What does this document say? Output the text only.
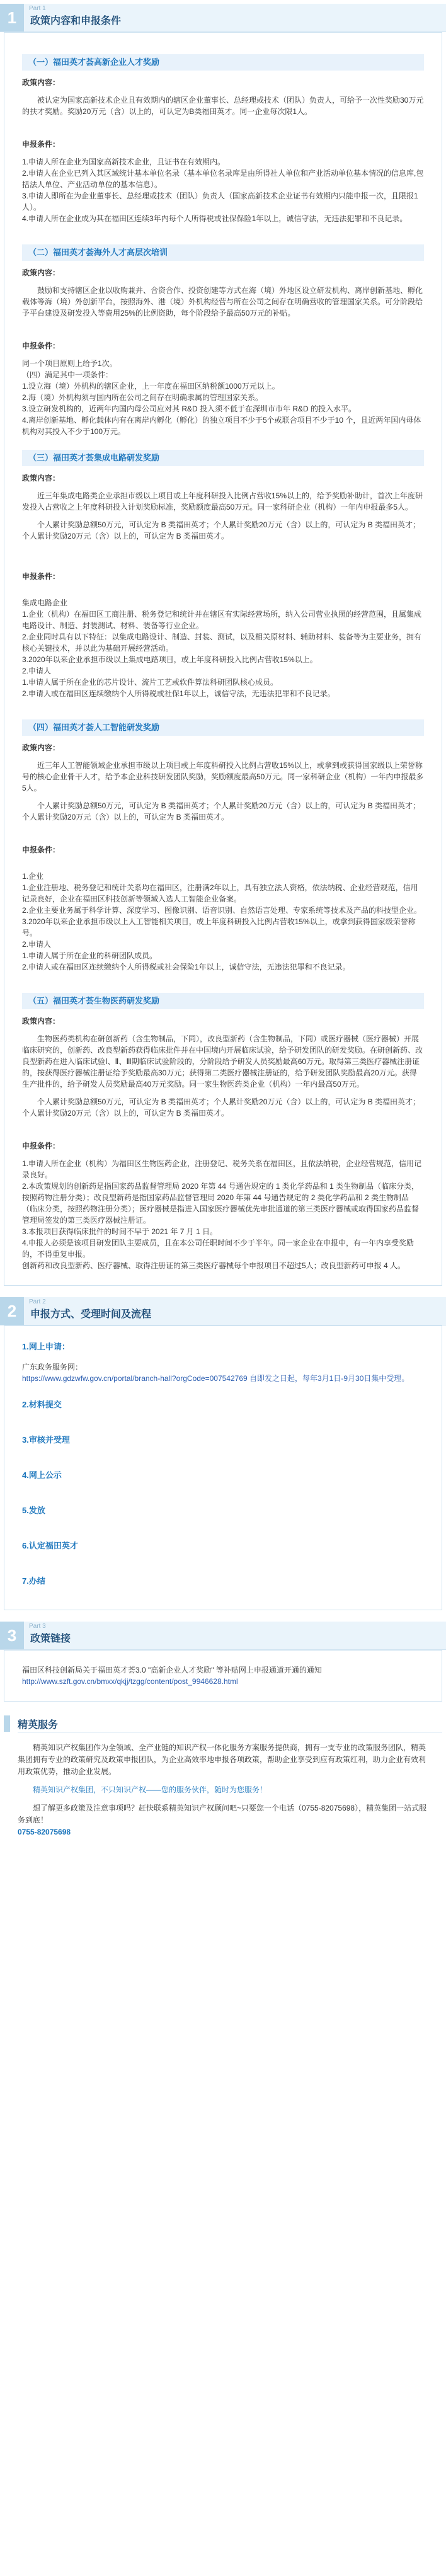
1	Part 1
政策内容和申报条件
（一）福田英才荟高新企业人才奖励
政策内容：

被认定为国家高新技术企业且有效期内的辖区企业董事长、总经理或技术（团队）负责人，可给予一次性奖励30万元的扶才奖励。奖励20万元（含）以上的，可认定为B类福田英才。同一企业每次限1人。

申报条件：

1.申请人所在企业为国家高新技术企业，且证书在有效期内。

2.申请人在企业已列入其区域统计基本单位名录（基本单位名录库是由所得社人单位和产业活动单位基本情况的信息库,包括法人单位、产业活动单位的基本信息）。

3.申请人即所在为企业董事长、总经理或技术（团队）负责人（国家高新技术企业证书有效期内只能申报一次，且限报1人）。

4.申请人所在企业成为其在福田区连续3年内每个人所得税或社保保险1年以上，诚信守法，无违法犯罪和不良记录。

（二）福田英才荟海外人才高层次培训
政策内容：

鼓励和支持辖区企业以收购兼并、合资合作、投资创建等方式在海（境）外地区设立研发机构、离岸创新基地、孵化载体等海（境）外创新平台，按照海外、港（境）外机构经营与所在公司之间存在明确营收的管理国家关系。可分阶段给予平台建设及研发投入等费用25%的比例资助，每个阶段给予最高50万元的补贴。

申报条件：

同一个项目原则上给予1次。

（四）满足其中一项条件：

1.设立海（境）外机构的辖区企业，上一年度在福田区纳税额1000万元以上。

2.海（境）外机构须与国内所在公司之间存在明确隶属的管理国家关系。

3.设立研发机构的，近两年内国内母公司应对其 R&D 投入须不低于在深圳市市年 R&D 的投入水平。

4.离岸创新基地、孵化载体内有在离岸内孵化（孵化）的独立项目不少于5个或联合项目不少于10 个，且近两年国内母体机构对其投入不少于100万元。

（三）福田英才荟集成电路研发奖励
政策内容：

近三年集成电路类企业承担市级以上项目或上年度科研投入比例占营收15%以上的，给予奖励补助计，首次上年度研发投入占营收之上年度科研投入计划奖励标准，奖励额度最高50万元。同一家科研企业（机构）一年内申报最多5人。

个人累计奖励总额50万元，可认定为 B 类福田英才；个人累计奖励20万元（含）以上的，可认定为 B 类福田英才；个人累计奖励20万元（含）以上的，可认定为 B 类福田英才。

申报条件：

集成电路企业

1.企业（机构）在福田区工商注册、税务登记和统计并在辖区有实际经营场所，纳入公司营业执照的经营范围，且属集成电路设计、制造、封装测试、材料、装备等行业企业。

2.企业同时具有以下特征：以集成电路设计、制造、封装、测试，以及相关原材料、辅助材料、装备等为主要业务，拥有核心关键技术，并以此为基础开展经营活动。

3.2020年以来企业承担市级以上集成电路项目，或上年度科研投入比例占营收15%以上。

2.申请人

1.申请人属于所在企业的芯片设计、流片工艺或软件算法科研团队核心成员。

2.申请人或在福田区连续缴纳个人所得税或社保1年以上，诚信守法，无违法犯罪和不良记录。

（四）福田英才荟人工智能研发奖励
政策内容：

近三年人工智能领域企业承担市级以上项目或上年度科研投入比例占营收15%以上，或拿到或获得国家级以上荣誉称号的核心企业骨干人才，给予本企业科技研发团队奖励，奖励额度最高50万元。同一家科研企业（机构）一年内申报最多5人。

个人累计奖励总额50万元，可认定为 B 类福田英才；个人累计奖励20万元（含）以上的，可认定为 B 类福田英才；个人累计奖励20万元（含）以上的，可认定为 B 类福田英才。

申报条件：

1.企业

1.企业注册地、税务登记和统计关系均在福田区，注册满2年以上，具有独立法人资格，依法纳税、企业经营规范，信用记录良好，企业在福田区科技创新等领域入选人工智能企业备案。

2.企业主要业务属于科学计算、深度学习、图像识别、语音识别、自然语言处理、专家系统等技术及产品的科技型企业。

3.2020年以来企业承担市级以上人工智能相关项目，或上年度科研投入比例占营收15%以上，或拿到获得国家级荣誉称号。

2.申请人

1.申请人属于所在企业的科研团队成员。

2.申请人或在福田区连续缴纳个人所得税或社会保险1年以上，诚信守法，无违法犯罪和不良记录。

（五）福田英才荟生物医药研发奖励
政策内容：

生物医药类机构在研创新药（含生物制品，下同），改良型新药（含生物制品，下同）或医疗器械（医疗器械）开展临床研究的，创新药、改良型新药获得临床批件并在中国境内开展临床试验，给予研发团队的研发奖励。在研创新药、改良型新药在进入临床试验Ⅰ、Ⅱ、Ⅲ期临床试验阶段的，分阶段给予研发人员奖励最高60万元。取得第三类医疗器械注册证的，按获得医疗器械注册证给予奖励最高30万元；获得第二类医疗器械注册证的，给予研发团队奖励最高20万元。获得生产批件的，给予研发人员奖励最高40万元奖励。同一家生物医药类企业（机构）一年内最高50万元。

个人累计奖励总额50万元，可认定为 B 类福田英才；个人累计奖励20万元（含）以上的，可认定为 B 类福田英才；个人累计奖励20万元（含）以上的，可认定为 B 类福田英才。

申报条件：

1.申请人所在企业（机构）为福田区生物医药企业，注册登记、税务关系在福田区，且依法纳税，企业经营规范，信用记录良好。

2.本政策规划的创新药是指国家药品监督管理局 2020 年第 44 号通告规定的 1 类化学药品和 1 类生物制品（临床分类，按照药物注册分类）；改良型新药是指国家药品监督管理局 2020 年第 44 号通告规定的 2 类化学药品和 2 类生物制品（临床分类，按照药物注册分类）；医疗器械是指进入国家医疗器械优先审批通道的第三类医疗器械或取得国家药品监督管理局签发的第三类医疗器械注册证。

3.本报项目获得临床批件的时间不早于 2021 年 7 月 1 日。

4.申报人必须是该项目研发团队主要成员，且在本公司任职时间不少于半年。同一家企业在申报中，有一年内享受奖励的，不得重复申报。

创新药和改良型新药、医疗器械、取得注册证的第三类医疗器械每个申报项目不超过5人；改良型新药可申报 4 人。

2	Part 2
申报方式、受理时间及流程
1.网上申请：

广东政务服务网：

https://www.gdzwfw.gov.cn/portal/branch-hall?orgCode=007542769 自即发之日起，每年3月1日-9月30日集中受理。

2.材料提交
3.审核并受理
4.网上公示
5.发放
6.认定福田英才
7.办结
3	Part 3
政策链接

福田区科技创新局关于福田英才荟3.0 "高新企业人才奖励" 等补贴网上申报通道开通的通知

http://www.szft.gov.cn/bmxx/qkjj/tzgg/content/post_9946628.html

精英服务

精英知识产权集团作为全领域、全产业链的知识产权一体化服务方案服务提供商，拥有一支专业的政策服务团队，精英集团拥有专业的政策研究及政策申报团队，为企业高效率地申报各项政策，帮助企业享受到应有政策红利，助力企业有效利用政策优势，推动企业发展。

精英知识产权集团，不只知识产权——您的服务伙伴，随时为您服务！

想了解更多政策及注意事项吗？赶快联系精英知识产权顾问吧~只要您一个电话（0755-82075698），精英集团一站式服务到底！

0755-82075698
